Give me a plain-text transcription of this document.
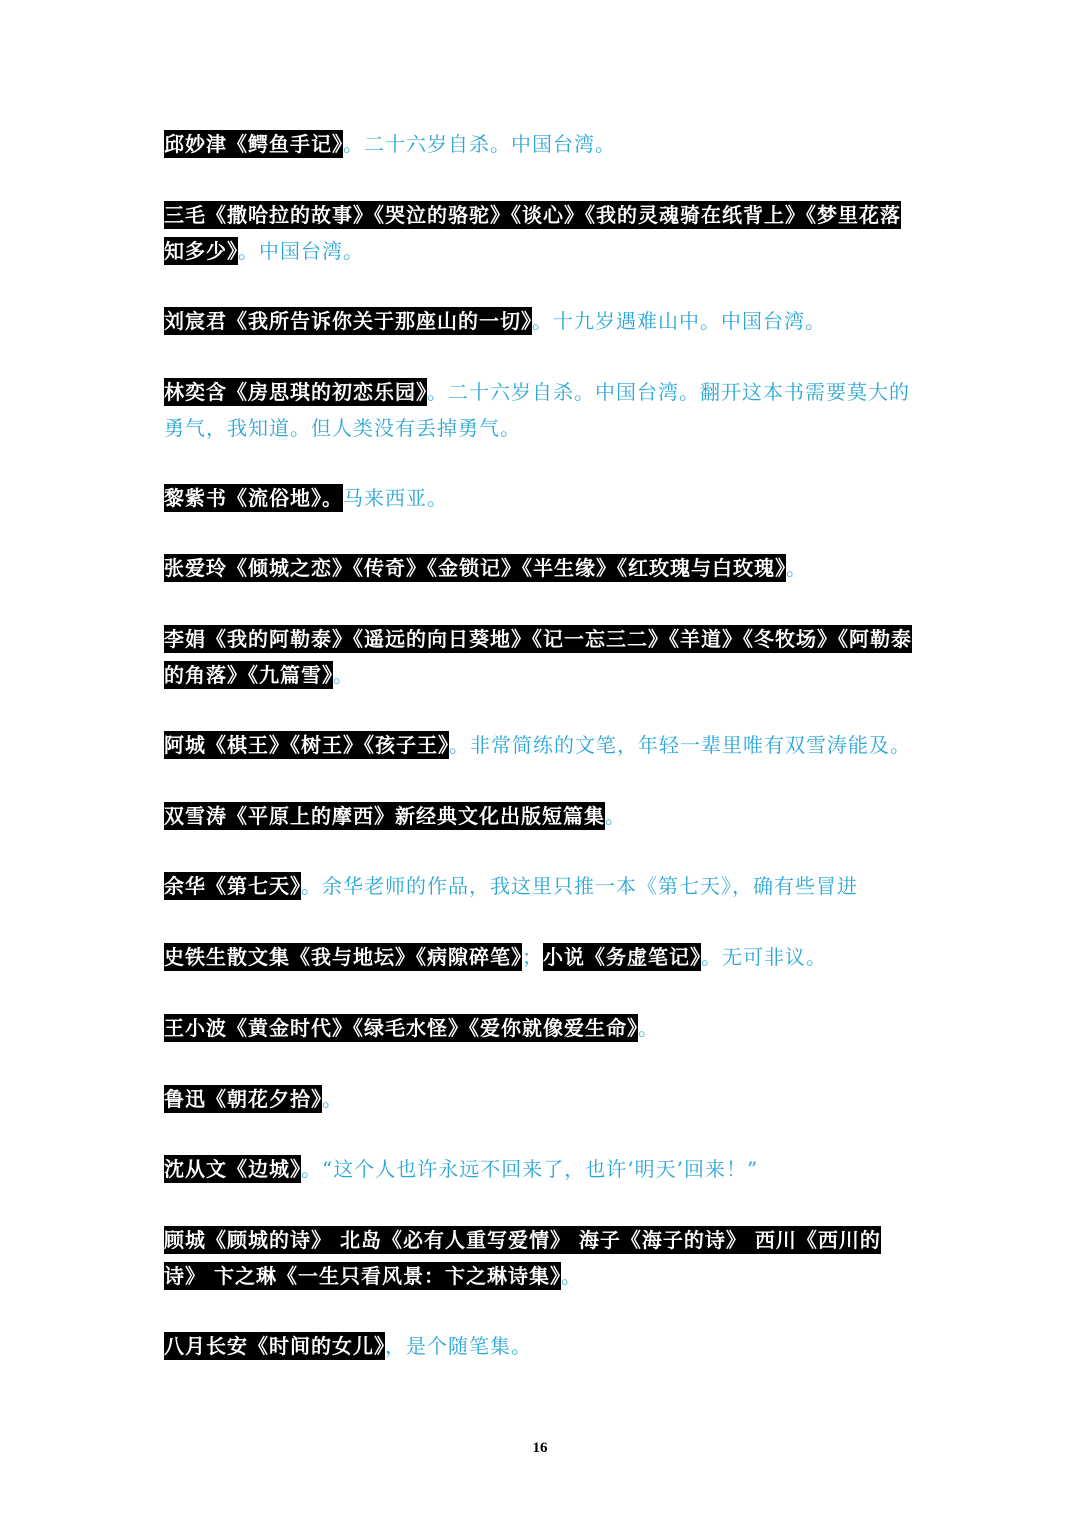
邱妙津《鳄鱼手记》。二十六岁自杀。中国台湾。

三毛《撒哈拉的故事》《哭泣的骆驼》《谈心》《我的灵魂骑在纸背上》《梦里花落知多少》。中国台湾。

刘宸君《我所告诉你关于那座山的一切》。十九岁遇难山中。中国台湾。

林奕含《房思琪的初恋乐园》。二十六岁自杀。中国台湾。翻开这本书需要莫大的勇气，我知道。但人类没有丢掉勇气。

黎紫书《流俗地》。马来西亚。

张爱玲《倾城之恋》《传奇》《金锁记》《半生缘》《红玫瑰与白玫瑰》。

李娟《我的阿勒泰》《遥远的向日葵地》《记一忘三二》《羊道》《冬牧场》《阿勒泰的角落》《九篇雪》。

阿城《棋王》《树王》《孩子王》。非常简练的文笔，年轻一辈里唯有双雪涛能及。

双雪涛《平原上的摩西》新经典文化出版短篇集。

余华《第七天》。余华老师的作品，我这里只推一本《第七天》，确有些冒进

史铁生散文集《我与地坛》《病隙碎笔》；小说《务虚笔记》。无可非议。

王小波《黄金时代》《绿毛水怪》《爱你就像爱生命》。

鲁迅《朝花夕拾》。

沈从文《边城》。“这个人也许永远不回来了，也许‘明天’回来！”

顾城《顾城的诗》 北岛《必有人重写爱情》 海子《海子的诗》 西川《西川的诗》 卞之琳《一生只看风景：卞之琳诗集》。

八月长安《时间的女儿》，是个随笔集。

16
